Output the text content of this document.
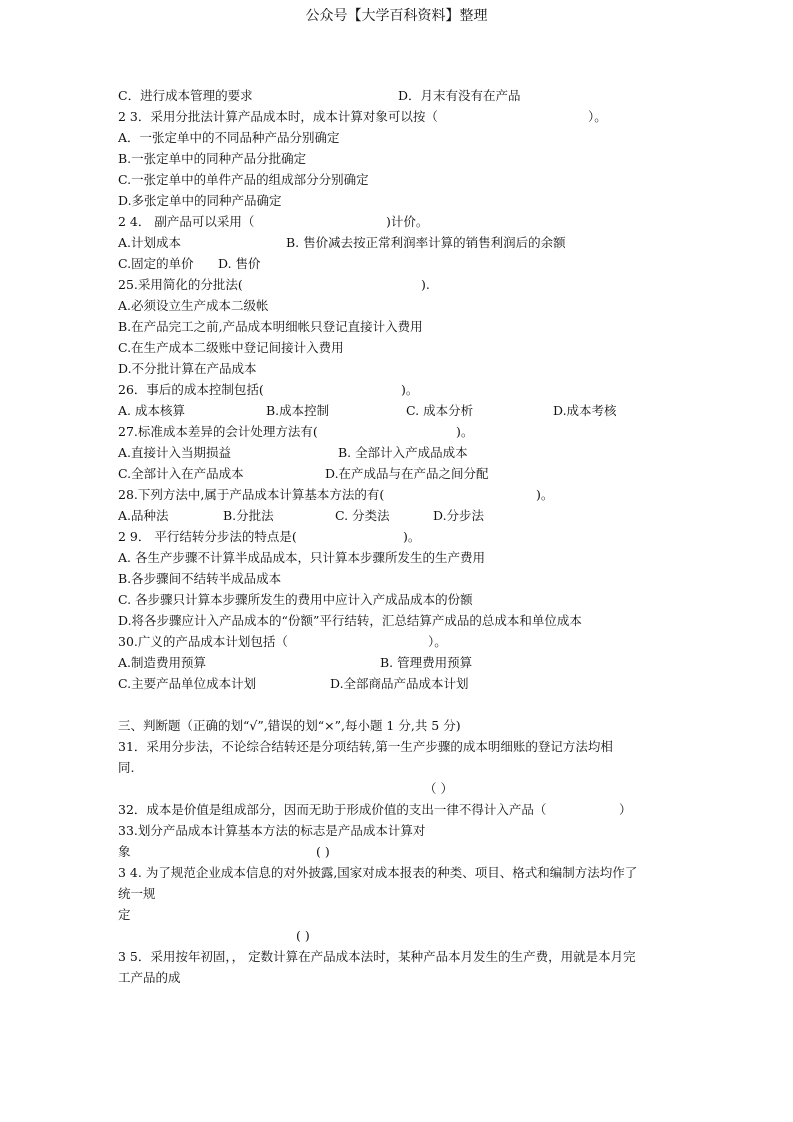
公众号【大学百科资料】整理
C．进行成本管理的要求	D．月末有没有在产品
2 3．采用分批法计算产品成本时，成本计算对象可以按（	）。
A．一张定单中的不同品种产品分别确定
B.一张定单中的同种产品分批确定
C.一张定单中的单件产品的组成部分分别确定
D.多张定单中的同种产品确定
2 4． 副产品可以采用（	)计价。
A.计划成本	B. 售价减去按正常利润率计算的销售利润后的余额
C.固定的单价 D. 售价
25.采用简化的分批法(	).
A.必须设立生产成本二级帐
B.在产品完工之前,产品成本明细帐只登记直接计入费用
C.在生产成本二级账中登记间接计入费用
D.不分批计算在产品成本
26．事后的成本控制包括(	)。
A. 成本核算	B.成本控制	C. 成本分析	D.成本考核
27.标准成本差异的会计处理方法有(	)。
A.直接计入当期损益	B. 全部计入产成品成本
C.全部计入在产品成本	D.在产成品与在产品之间分配
28.下列方法中,属于产品成本计算基本方法的有(	)。
A.品种法	B.分批法	C. 分类法	D.分步法
2 9． 平行结转分步法的特点是(	)。
A. 各生产步骤不计算半成品成本，只计算本步骤所发生的生产费用
B.各步骤间不结转半成品成本
C. 各步骤只计算本步骤所发生的费用中应计入产成品成本的份额
D.将各步骤应计入产品成本的“份额”平行结转，汇总结算产成品的总成本和单位成本
30.广义的产品成本计划包括（	）。
A.制造费用预算	B. 管理费用预算
C.主要产品单位成本计划	D.全部商品产品成本计划
三、判断题（正确的划“√”,错误的划“×”,每小题 1 分,共 5 分)
31．采用分步法，不论综合结转还是分项结转,第一生产步骤的成本明细账的登记方法均相
同.
（ ）
32．成本是价值是组成部分，因而无助于形成价值的支出一律不得计入产品（	）
33.划分产品成本计算基本方法的标志是产品成本计算对
象	( )
3 4. 为了规范企业成本信息的对外披露,国家对成本报表的种类、项目、格式和编制方法均作了
统一规
定
( )
3 5．采用按年初固，， 定数计算在产品成本法时，某种产品本月发生的生产费，用就是本月完
工产品的成
